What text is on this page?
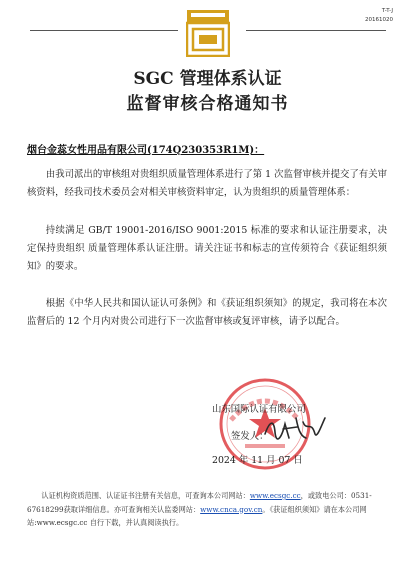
T-T-J
20161020
SGC 管理体系认证
监督审核合格通知书
烟台金蕊女性用品有限公司(174Q230353R1M)：

由我司派出的审核组对贵组织质量管理体系进行了第 1 次监督审核并提交了有关审核资料，经我司技术委员会对相关审核资料审定，认为贵组织的质量管理体系：

持续满足 GB/T 19001-2016/ISO 9001:2015 标准的要求和认证注册要求，决定保持贵组织 质量管理体系认证注册。请关注证书和标志的宣传须符合《获证组织须知》的要求。

根据《中华人民共和国认证认可条例》和《获证组织须知》的规定，我司将在本次监督后的 12 个月内对贵公司进行下一次监督审核或复评审核，请予以配合。

山东国际认证有限公司
签发人：
2024 年 11 月 07 日

认证机构资质范围、认证证书注册有关信息，可查询本公司网站：www.ecsgc.cc，或致电公司：0531-67618299获取详细信息。亦可查询相关认监委网站：www.cnca.gov.cn。《获证组织须知》请在本公司网站:www.ecsgc.cc 自行下载，并认真阅读执行。
